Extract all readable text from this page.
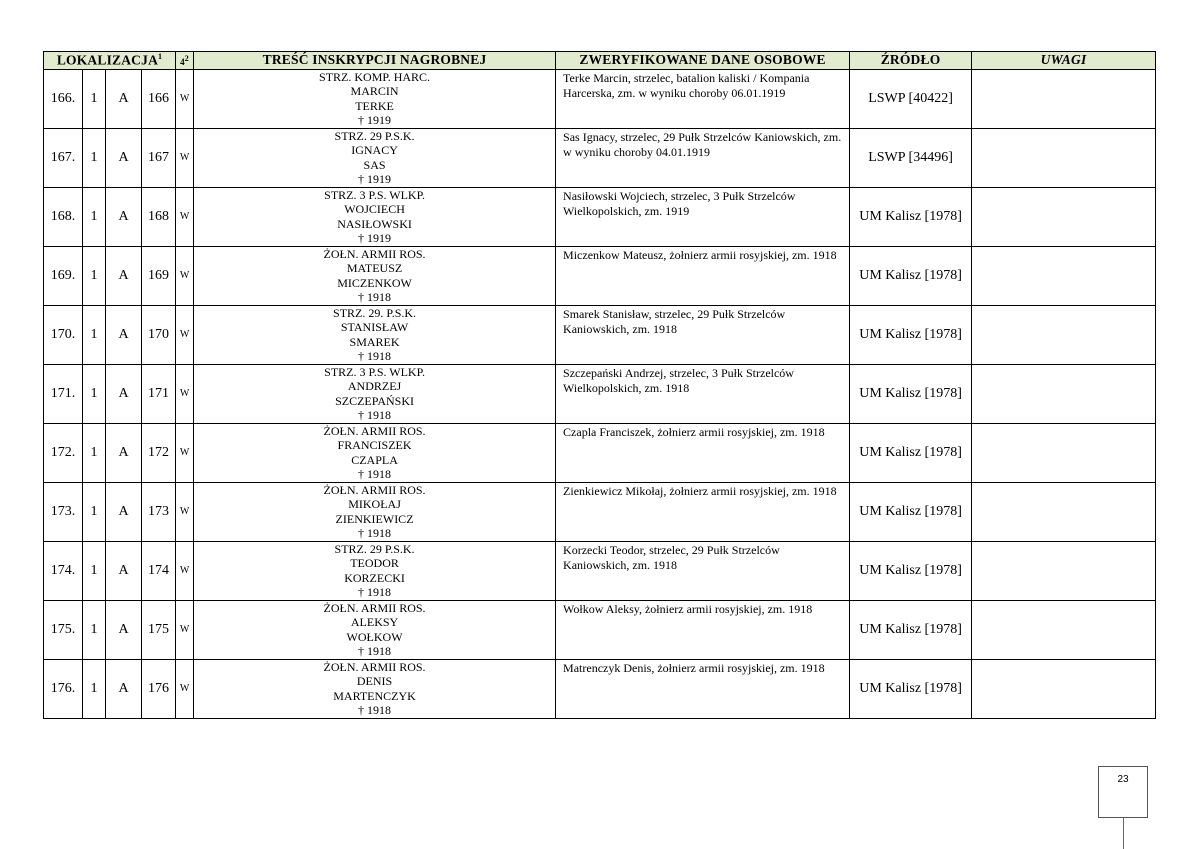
LOKALIZACJA$^1$				$4^2$	TREŚĆ INSKRYPCJI NAGROBNEJ	ZWERYFIKOWANE DANE OSOBOWE	ŹRÓDŁO	UWAGI
166.	1	A	166	W	STRZ. KOMP. HARC.
MARCIN
TERKE
† 1919	Terke Marcin, strzelec, batalion kaliski / Kompania Harcerska, zm. w wyniku choroby 06.01.1919	LSWP [40422]	
167.	1	A	167	W	STRZ. 29 P.S.K.
IGNACY
SAS
† 1919	Sas Ignacy, strzelec, 29 Pułk Strzelców Kaniowskich, zm. w wyniku choroby 04.01.1919	LSWP [34496]	
168.	1	A	168	W	STRZ. 3 P.S. WLKP.
WOJCIECH
NASIŁOWSKI
† 1919	Nasiłowski Wojciech, strzelec, 3 Pułk Strzelców Wielkopolskich, zm. 1919	UM Kalisz [1978]	
169.	1	A	169	W	ŻOŁN. ARMII ROS.
MATEUSZ
MICZENKOW
† 1918	Miczenkow Mateusz, żołnierz armii rosyjskiej, zm. 1918	UM Kalisz [1978]	
170.	1	A	170	W	STRZ. 29. P.S.K.
STANISŁAW
SMAREK
† 1918	Smarek Stanisław, strzelec, 29 Pułk Strzelców Kaniowskich, zm. 1918	UM Kalisz [1978]	
171.	1	A	171	W	STRZ. 3 P.S. WLKP.
ANDRZEJ
SZCZEPAŃSKI
† 1918	Szczepański Andrzej, strzelec, 3 Pułk Strzelców Wielkopolskich, zm. 1918	UM Kalisz [1978]	
172.	1	A	172	W	ŻOŁN. ARMII ROS.
FRANCISZEK
CZAPLA
† 1918	Czapla Franciszek, żołnierz armii rosyjskiej, zm. 1918	UM Kalisz [1978]	
173.	1	A	173	W	ŻOŁN. ARMII ROS.
MIKOŁAJ
ZIENKIEWICZ
† 1918	Zienkiewicz Mikołaj, żołnierz armii rosyjskiej, zm. 1918	UM Kalisz [1978]	
174.	1	A	174	W	STRZ. 29 P.S.K.
TEODOR
KORZECKI
† 1918	Korzecki Teodor, strzelec, 29 Pułk Strzelców Kaniowskich, zm. 1918	UM Kalisz [1978]	
175.	1	A	175	W	ŻOŁN. ARMII ROS.
ALEKSY
WOŁKOW
† 1918	Wołkow Aleksy, żołnierz armii rosyjskiej, zm. 1918	UM Kalisz [1978]	
176.	1	A	176	W	ŻOŁN. ARMII ROS.
DENIS
MARTENCZYK
† 1918	Matrenczyk Denis, żołnierz armii rosyjskiej, zm. 1918	UM Kalisz [1978]	
23
